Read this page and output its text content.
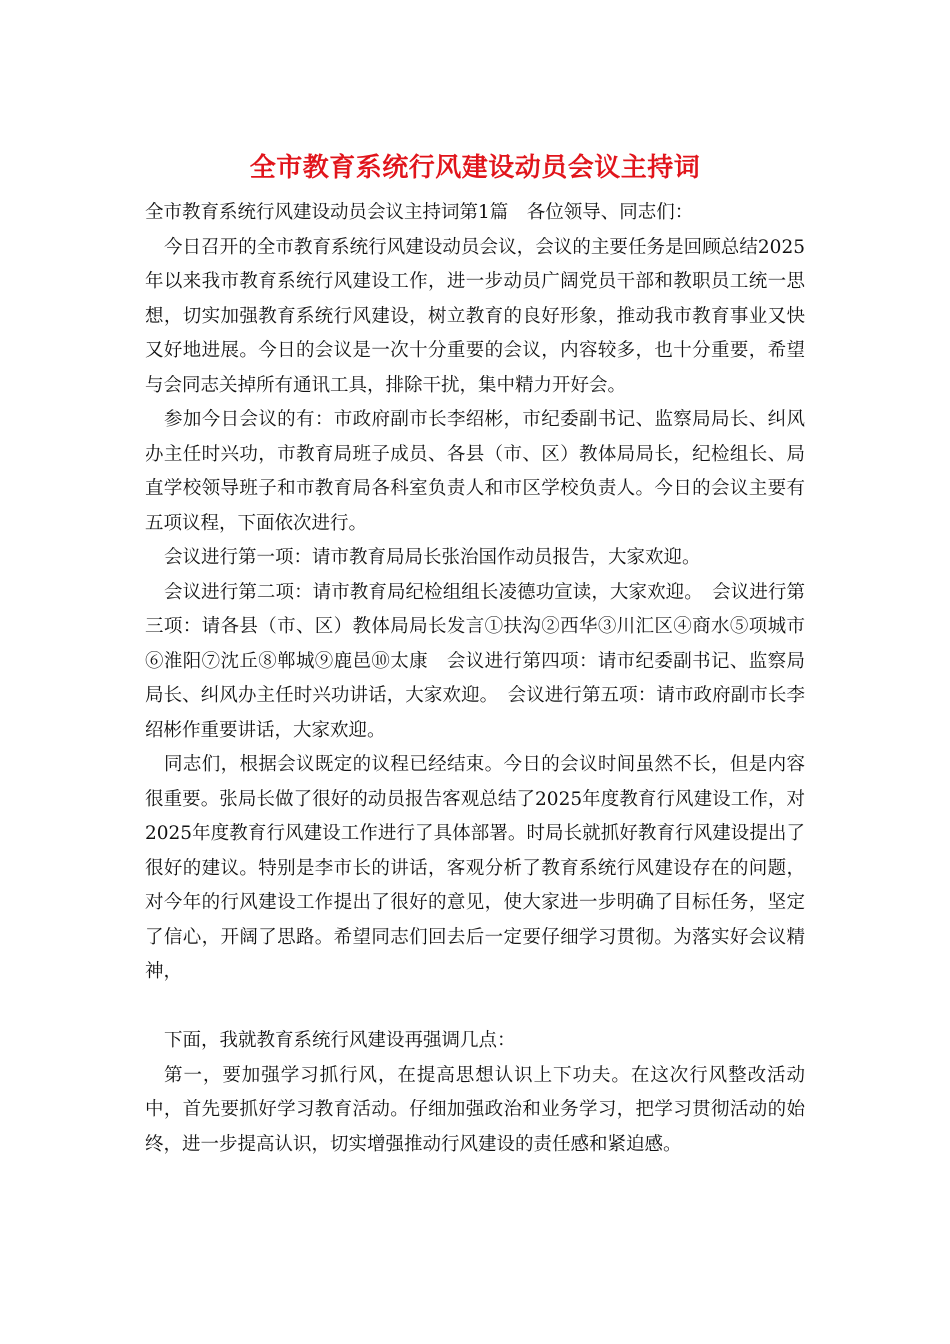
全市教育系统行风建设动员会议主持词

全市教育系统行风建设动员会议主持词第1篇　各位领导、同志们：

今日召开的全市教育系统行风建设动员会议，会议的主要任务是回顾总结2025年以来我市教育系统行风建设工作，进一步动员广阔党员干部和教职员工统一思想，切实加强教育系统行风建设，树立教育的良好形象，推动我市教育事业又快又好地进展。今日的会议是一次十分重要的会议，内容较多，也十分重要，希望与会同志关掉所有通讯工具，排除干扰，集中精力开好会。

参加今日会议的有：市政府副市长李绍彬，市纪委副书记、监察局局长、纠风办主任时兴功，市教育局班子成员、各县（市、区）教体局局长，纪检组长、局直学校领导班子和市教育局各科室负责人和市区学校负责人。今日的会议主要有五项议程，下面依次进行。

会议进行第一项：请市教育局局长张治国作动员报告，大家欢迎。

会议进行第二项：请市教育局纪检组组长凌德功宣读，大家欢迎。　会议进行第三项：请各县（市、区）教体局局长发言①扶沟②西华③川汇区④商水⑤项城市⑥淮阳⑦沈丘⑧郸城⑨鹿邑⑩太康　会议进行第四项：请市纪委副书记、监察局局长、纠风办主任时兴功讲话，大家欢迎。　会议进行第五项：请市政府副市长李绍彬作重要讲话，大家欢迎。

同志们，根据会议既定的议程已经结束。今日的会议时间虽然不长，但是内容很重要。张局长做了很好的动员报告客观总结了2025年度教育行风建设工作，对2025年度教育行风建设工作进行了具体部署。时局长就抓好教育行风建设提出了很好的建议。特别是李市长的讲话，客观分析了教育系统行风建设存在的问题，对今年的行风建设工作提出了很好的意见，使大家进一步明确了目标任务，坚定了信心，开阔了思路。希望同志们回去后一定要仔细学习贯彻。为落实好会议精神，

下面，我就教育系统行风建设再强调几点：

第一，要加强学习抓行风，在提高思想认识上下功夫。在这次行风整改活动中，首先要抓好学习教育活动。仔细加强政治和业务学习，把学习贯彻活动的始终，进一步提高认识，切实增强推动行风建设的责任感和紧迫感。
